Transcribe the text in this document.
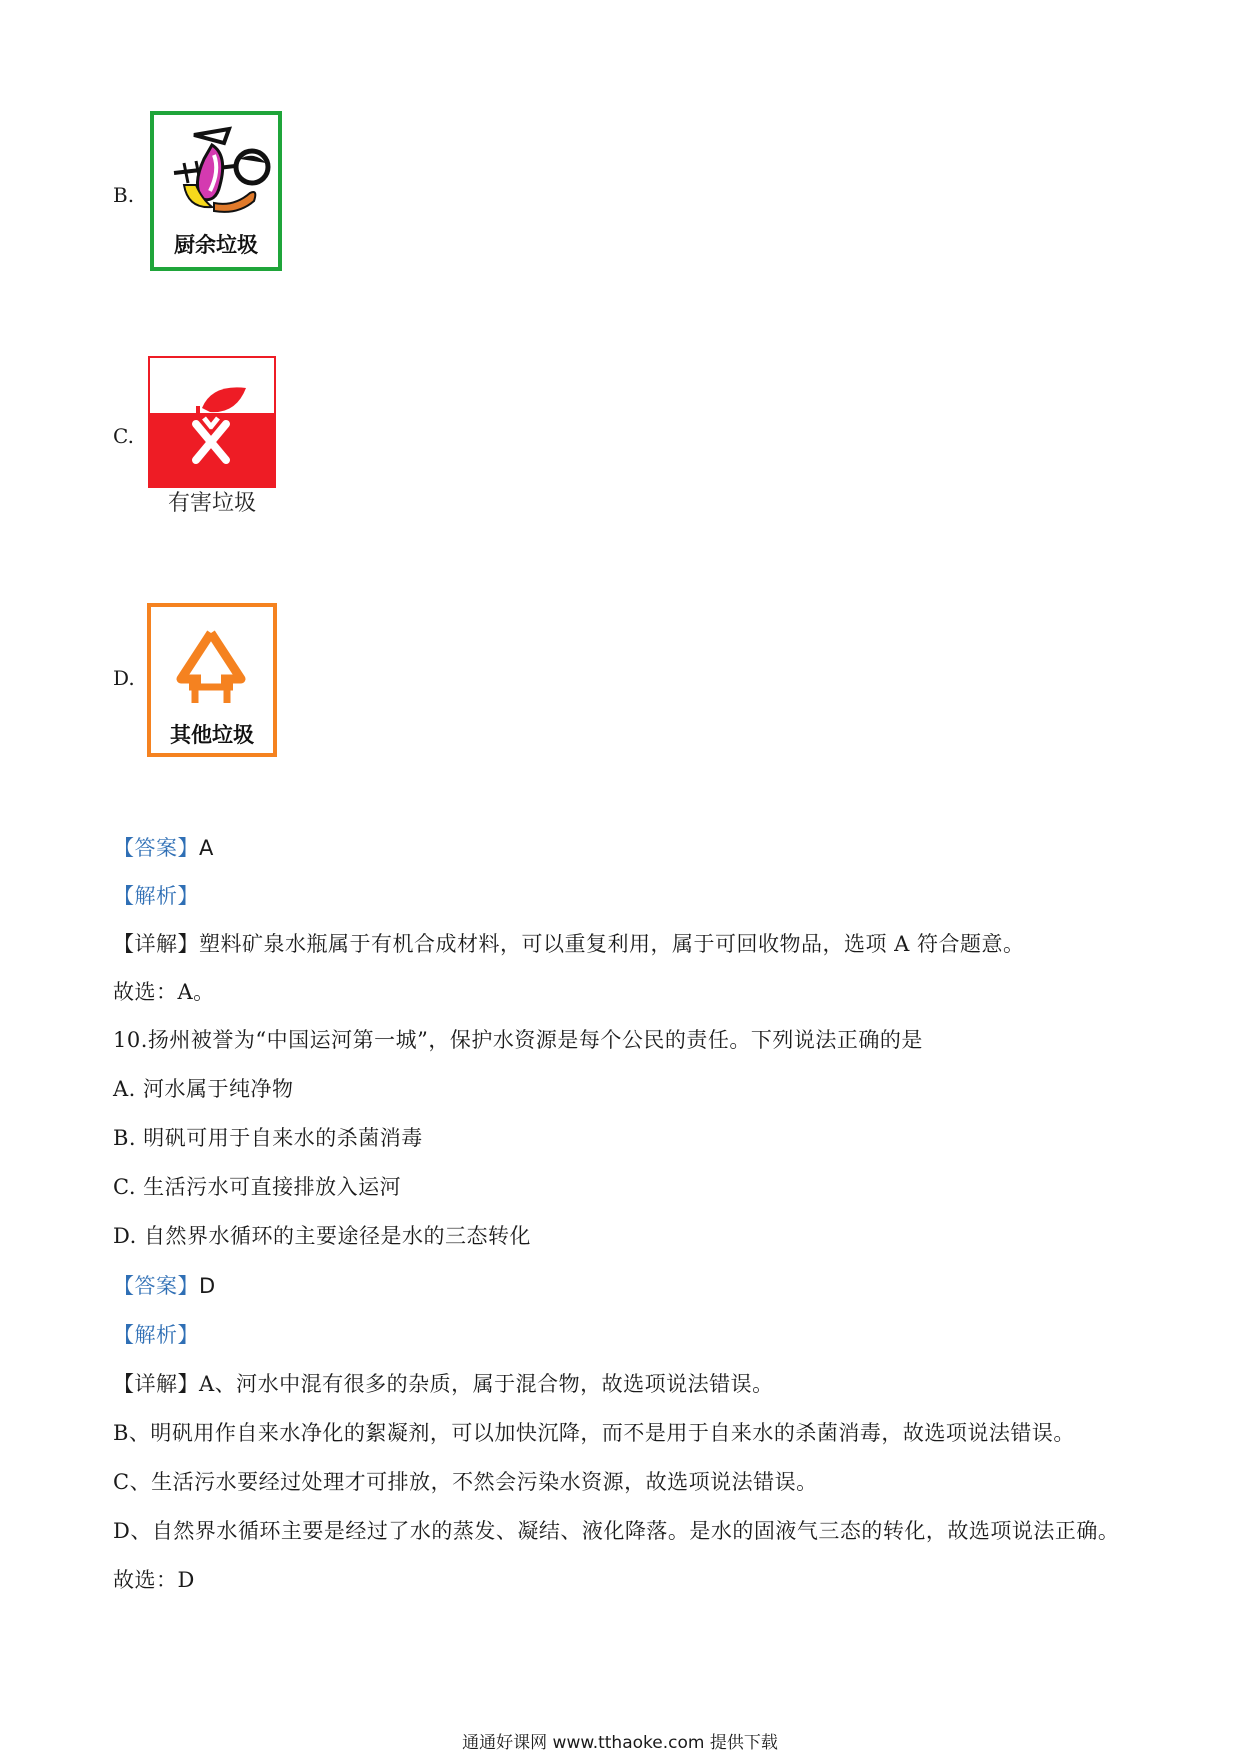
B.
厨余垃圾
C.
有害垃圾
D.
其他垃圾
【答案】A
【解析】
【详解】塑料矿泉水瓶属于有机合成材料，可以重复利用，属于可回收物品，选项 A 符合题意。
故选：A。
10.扬州被誉为“中国运河第一城”，保护水资源是每个公民的责任。下列说法正确的是
A. 河水属于纯净物
B. 明矾可用于自来水的杀菌消毒
C. 生活污水可直接排放入运河
D. 自然界水循环的主要途径是水的三态转化
【答案】D
【解析】
【详解】A、河水中混有很多的杂质，属于混合物，故选项说法错误。
B、明矾用作自来水净化的絮凝剂，可以加快沉降，而不是用于自来水的杀菌消毒，故选项说法错误。
C、生活污水要经过处理才可排放，不然会污染水资源，故选项说法错误。
D、自然界水循环主要是经过了水的蒸发、凝结、液化降落。是水的固液气三态的转化，故选项说法正确。
故选：D
通通好课网 www.tthaoke.com 提供下载
